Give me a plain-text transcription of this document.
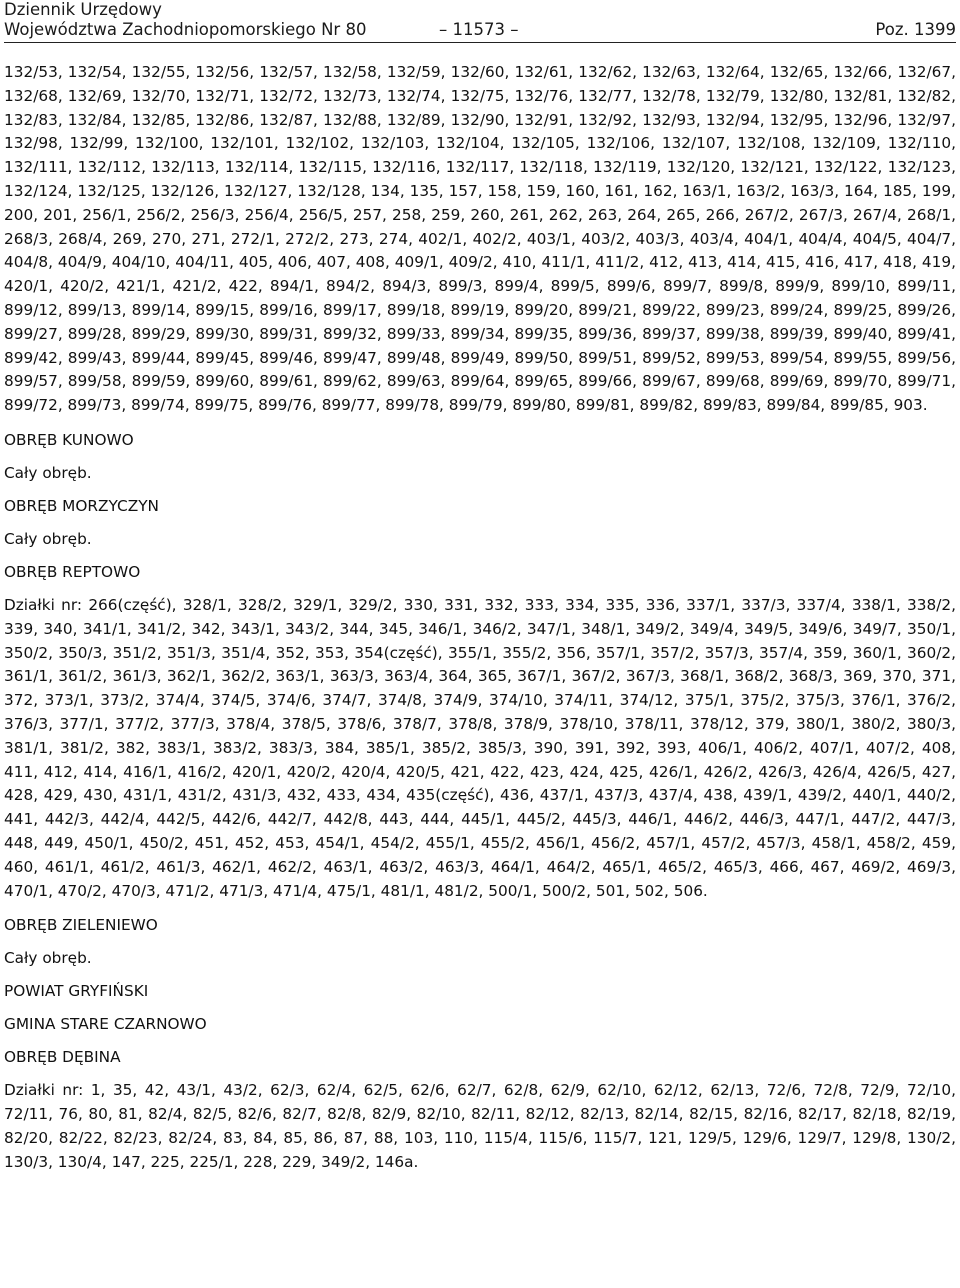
Dziennik Urzędowy
Województwa Zachodniopomorskiego Nr 80	– 11573 –	Poz. 1399

132/53, 132/54, 132/55, 132/56, 132/57, 132/58, 132/59, 132/60, 132/61, 132/62, 132/63, 132/64, 132/65, 132/66, 132/67, 132/68, 132/69, 132/70, 132/71, 132/72, 132/73, 132/74, 132/75, 132/76, 132/77, 132/78, 132/79, 132/80, 132/81, 132/82, 132/83, 132/84, 132/85, 132/86, 132/87, 132/88, 132/89, 132/90, 132/91, 132/92, 132/93, 132/94, 132/95, 132/96, 132/97, 132/98, 132/99, 132/100, 132/101, 132/102, 132/103, 132/104, 132/105, 132/106, 132/107, 132/108, 132/109, 132/110, 132/111, 132/112, 132/113, 132/114, 132/115, 132/116, 132/117, 132/118, 132/119, 132/120, 132/121, 132/122, 132/123, 132/124, 132/125, 132/126, 132/127, 132/128, 134, 135, 157, 158, 159, 160, 161, 162, 163/1, 163/2, 163/3, 164, 185, 199, 200, 201, 256/1, 256/2, 256/3, 256/4, 256/5, 257, 258, 259, 260, 261, 262, 263, 264, 265, 266, 267/2, 267/3, 267/4, 268/1, 268/3, 268/4, 269, 270, 271, 272/1, 272/2, 273, 274, 402/1, 402/2, 403/1, 403/2, 403/3, 403/4, 404/1, 404/4, 404/5, 404/7, 404/8, 404/9, 404/10, 404/11, 405, 406, 407, 408, 409/1, 409/2, 410, 411/1, 411/2, 412, 413, 414, 415, 416, 417, 418, 419, 420/1, 420/2, 421/1, 421/2, 422, 894/1, 894/2, 894/3, 899/3, 899/4, 899/5, 899/6, 899/7, 899/8, 899/9, 899/10, 899/11, 899/12, 899/13, 899/14, 899/15, 899/16, 899/17, 899/18, 899/19, 899/20, 899/21, 899/22, 899/23, 899/24, 899/25, 899/26, 899/27, 899/28, 899/29, 899/30, 899/31, 899/32, 899/33, 899/34, 899/35, 899/36, 899/37, 899/38, 899/39, 899/40, 899/41, 899/42, 899/43, 899/44, 899/45, 899/46, 899/47, 899/48, 899/49, 899/50, 899/51, 899/52, 899/53, 899/54, 899/55, 899/56, 899/57, 899/58, 899/59, 899/60, 899/61, 899/62, 899/63, 899/64, 899/65, 899/66, 899/67, 899/68, 899/69, 899/70, 899/71, 899/72, 899/73, 899/74, 899/75, 899/76, 899/77, 899/78, 899/79, 899/80, 899/81, 899/82, 899/83, 899/84, 899/85, 903.

OBRĘB KUNOWO

Cały obręb.

OBRĘB MORZYCZYN

Cały obręb.

OBRĘB REPTOWO

Działki nr: 266(część), 328/1, 328/2, 329/1, 329/2, 330, 331, 332, 333, 334, 335, 336, 337/1, 337/3, 337/4, 338/1, 338/2, 339, 340, 341/1, 341/2, 342, 343/1, 343/2, 344, 345, 346/1, 346/2, 347/1, 348/1, 349/2, 349/4, 349/5, 349/6, 349/7, 350/1, 350/2, 350/3, 351/2, 351/3, 351/4, 352, 353, 354(część), 355/1, 355/2, 356, 357/1, 357/2, 357/3, 357/4, 359, 360/1, 360/2, 361/1, 361/2, 361/3, 362/1, 362/2, 363/1, 363/3, 363/4, 364, 365, 367/1, 367/2, 367/3, 368/1, 368/2, 368/3, 369, 370, 371, 372, 373/1, 373/2, 374/4, 374/5, 374/6, 374/7, 374/8, 374/9, 374/10, 374/11, 374/12, 375/1, 375/2, 375/3, 376/1, 376/2, 376/3, 377/1, 377/2, 377/3, 378/4, 378/5, 378/6, 378/7, 378/8, 378/9, 378/10, 378/11, 378/12, 379, 380/1, 380/2, 380/3, 381/1, 381/2, 382, 383/1, 383/2, 383/3, 384, 385/1, 385/2, 385/3, 390, 391, 392, 393, 406/1, 406/2, 407/1, 407/2, 408, 411, 412, 414, 416/1, 416/2, 420/1, 420/2, 420/4, 420/5, 421, 422, 423, 424, 425, 426/1, 426/2, 426/3, 426/4, 426/5, 427, 428, 429, 430, 431/1, 431/2, 431/3, 432, 433, 434, 435(część), 436, 437/1, 437/3, 437/4, 438, 439/1, 439/2, 440/1, 440/2, 441, 442/3, 442/4, 442/5, 442/6, 442/7, 442/8, 443, 444, 445/1, 445/2, 445/3, 446/1, 446/2, 446/3, 447/1, 447/2, 447/3, 448, 449, 450/1, 450/2, 451, 452, 453, 454/1, 454/2, 455/1, 455/2, 456/1, 456/2, 457/1, 457/2, 457/3, 458/1, 458/2, 459, 460, 461/1, 461/2, 461/3, 462/1, 462/2, 463/1, 463/2, 463/3, 464/1, 464/2, 465/1, 465/2, 465/3, 466, 467, 469/2, 469/3, 470/1, 470/2, 470/3, 471/2, 471/3, 471/4, 475/1, 481/1, 481/2, 500/1, 500/2, 501, 502, 506.

OBRĘB ZIELENIEWO

Cały obręb.

POWIAT GRYFIŃSKI

GMINA STARE CZARNOWO

OBRĘB DĘBINA

Działki nr: 1, 35, 42, 43/1, 43/2, 62/3, 62/4, 62/5, 62/6, 62/7, 62/8, 62/9, 62/10, 62/12, 62/13, 72/6, 72/8, 72/9, 72/10, 72/11, 76, 80, 81, 82/4, 82/5, 82/6, 82/7, 82/8, 82/9, 82/10, 82/11, 82/12, 82/13, 82/14, 82/15, 82/16, 82/17, 82/18, 82/19, 82/20, 82/22, 82/23, 82/24, 83, 84, 85, 86, 87, 88, 103, 110, 115/4, 115/6, 115/7, 121, 129/5, 129/6, 129/7, 129/8, 130/2, 130/3, 130/4, 147, 225, 225/1, 228, 229, 349/2, 146a.
